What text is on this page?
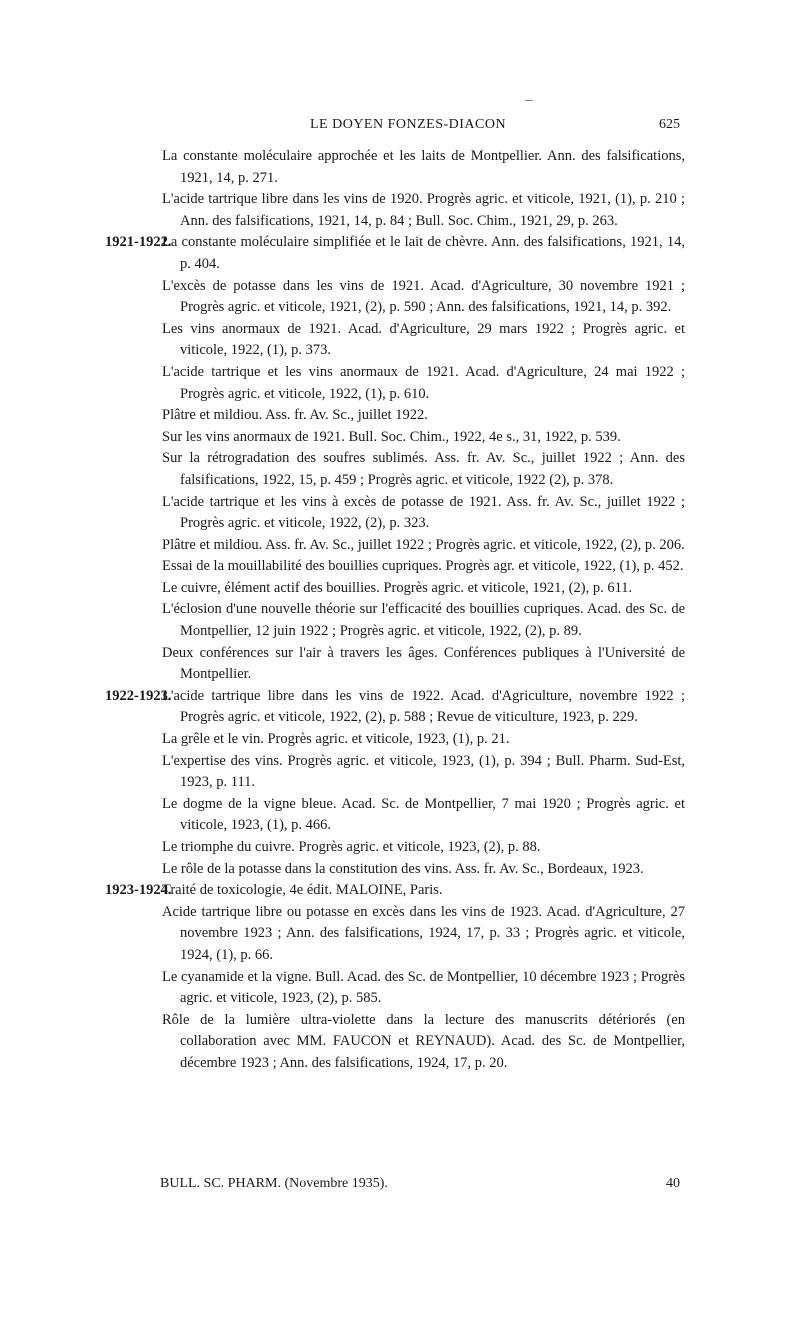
LE DOYEN FONZES-DIACON	625
La constante moléculaire approchée et les laits de Montpellier. Ann. des falsifications, 1921, 14, p. 271.
L'acide tartrique libre dans les vins de 1920. Progrès agric. et viticole, 1921, (1), p. 210 ; Ann. des falsifications, 1921, 14, p. 84 ; Bull. Soc. Chim., 1921, 29, p. 263.
1921-1922.
La constante moléculaire simplifiée et le lait de chèvre. Ann. des falsifications, 1921, 14, p. 404.
L'excès de potasse dans les vins de 1921. Acad. d'Agriculture, 30 novembre 1921 ; Progrès agric. et viticole, 1921, (2), p. 590 ; Ann. des falsifications, 1921, 14, p. 392.
Les vins anormaux de 1921. Acad. d'Agriculture, 29 mars 1922 ; Progrès agric. et viticole, 1922, (1), p. 373.
L'acide tartrique et les vins anormaux de 1921. Acad. d'Agriculture, 24 mai 1922 ; Progrès agric. et viticole, 1922, (1), p. 610.
Plâtre et mildiou. Ass. fr. Av. Sc., juillet 1922.
Sur les vins anormaux de 1921. Bull. Soc. Chim., 1922, 4e s., 31, 1922, p. 539.
Sur la rétrogradation des soufres sublimés. Ass. fr. Av. Sc., juillet 1922 ; Ann. des falsifications, 1922, 15, p. 459 ; Progrès agric. et viticole, 1922 (2), p. 378.
L'acide tartrique et les vins à excès de potasse de 1921. Ass. fr. Av. Sc., juillet 1922 ; Progrès agric. et viticole, 1922, (2), p. 323.
Plâtre et mildiou. Ass. fr. Av. Sc., juillet 1922 ; Progrès agric. et viticole, 1922, (2), p. 206.
Essai de la mouillabilité des bouillies cupriques. Progrès agr. et viticole, 1922, (1), p. 452.
Le cuivre, élément actif des bouillies. Progrès agric. et viticole, 1921, (2), p. 611.
L'éclosion d'une nouvelle théorie sur l'efficacité des bouillies cupriques. Acad. des Sc. de Montpellier, 12 juin 1922 ; Progrès agric. et viticole, 1922, (2), p. 89.
Deux conférences sur l'air à travers les âges. Conférences publiques à l'Université de Montpellier.
1922-1923.
L'acide tartrique libre dans les vins de 1922. Acad. d'Agriculture, novembre 1922 ; Progrès agric. et viticole, 1922, (2), p. 588 ; Revue de viticulture, 1923, p. 229.
La grêle et le vin. Progrès agric. et viticole, 1923, (1), p. 21.
L'expertise des vins. Progrès agric. et viticole, 1923, (1), p. 394 ; Bull. Pharm. Sud-Est, 1923, p. 111.
Le dogme de la vigne bleue. Acad. Sc. de Montpellier, 7 mai 1920 ; Progrès agric. et viticole, 1923, (1), p. 466.
Le triomphe du cuivre. Progrès agric. et viticole, 1923, (2), p. 88.
Le rôle de la potasse dans la constitution des vins. Ass. fr. Av. Sc., Bordeaux, 1923.
1923-1924.
Traité de toxicologie, 4e édit. MALOINE, Paris.
Acide tartrique libre ou potasse en excès dans les vins de 1923. Acad. d'Agriculture, 27 novembre 1923 ; Ann. des falsifications, 1924, 17, p. 33 ; Progrès agric. et viticole, 1924, (1), p. 66.
Le cyanamide et la vigne. Bull. Acad. des Sc. de Montpellier, 10 décembre 1923 ; Progrès agric. et viticole, 1923, (2), p. 585.
Rôle de la lumière ultra-violette dans la lecture des manuscrits détériorés (en collaboration avec MM. FAUCON et REYNAUD). Acad. des Sc. de Montpellier, décembre 1923 ; Ann. des falsifications, 1924, 17, p. 20.
BULL. SC. PHARM. (Novembre 1935).	40
